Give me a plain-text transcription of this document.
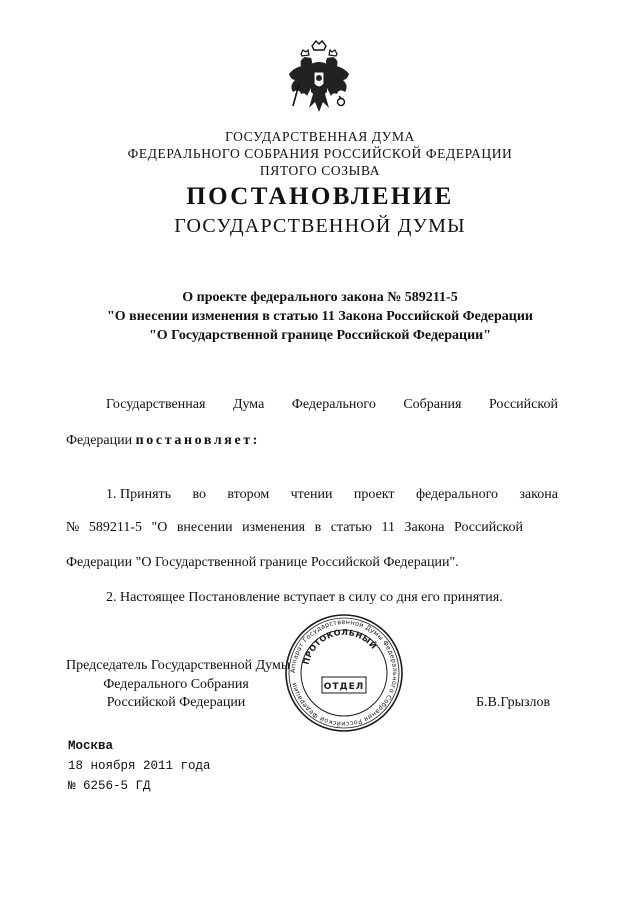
ГОСУДАРСТВЕННАЯ ДУМА
ФЕДЕРАЛЬНОГО СОБРАНИЯ РОССИЙСКОЙ ФЕДЕРАЦИИ
ПЯТОГО СОЗЫВА
ПОСТАНОВЛЕНИЕ
ГОСУДАРСТВЕННОЙ ДУМЫ
О проекте федерального закона № 589211-5
"О внесении изменения в статью 11 Закона Российской Федерации
"О Государственной границе Российской Федерации"
Государственная Дума Федерального Собрания Российской
Федерации постановляет:
1. Принять во втором чтении проект федерального закона
№ 589211-5 "О внесении изменения в статью 11 Закона Российской
Федерации "О Государственной границе Российской Федерации".
2. Настоящее Постановление вступает в силу со дня его принятия.
Председатель Государственной Думы
Федерального Собрания
Российской Федерации	Б.В.Грызлов
Аппарат Государственной Думы Федерального Собрания Российской Федерации
ПРОТОКОЛЬНЫЙ
ОТДЕЛ
Москва
18 ноября 2011 года
№ 6256-5 ГД
